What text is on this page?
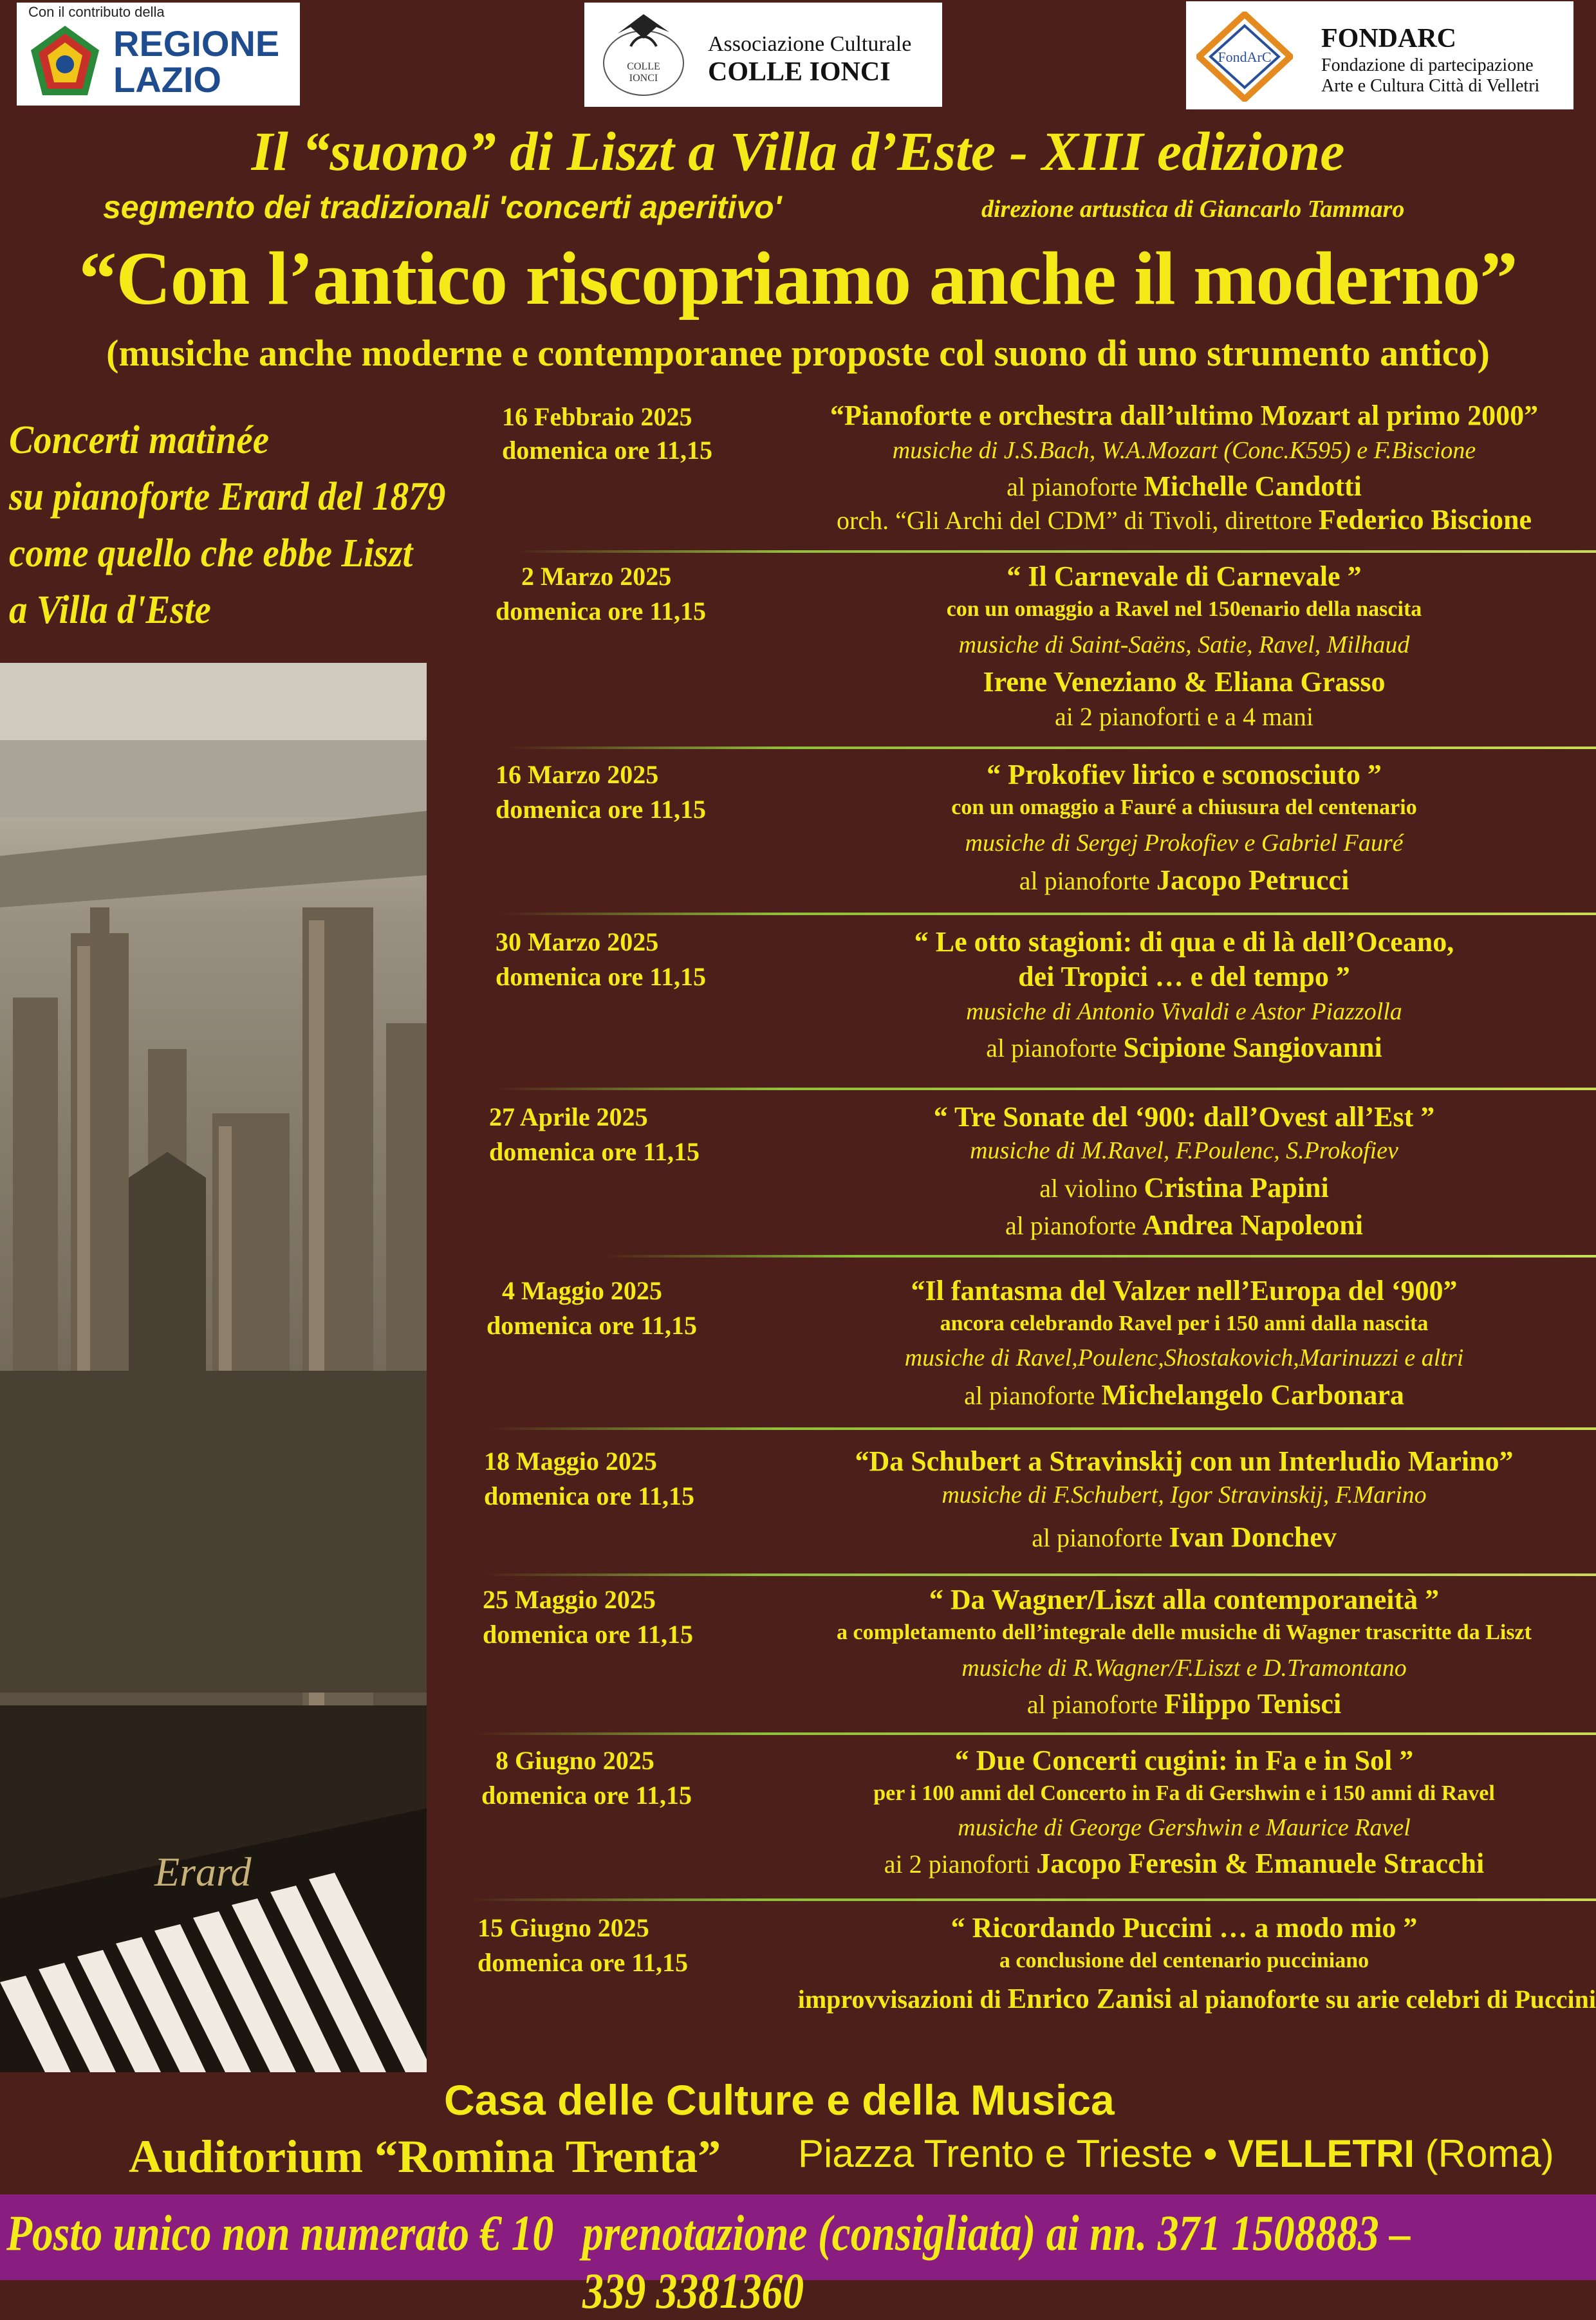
Con il contributo della
REGIONE
LAZIO	COLLE
IONCI
Associazione Culturale
COLLE IONCI
FondArC
FONDARC
Fondazione di partecipazione
Arte e Cultura Città di Velletri
Il “suono” di Liszt a Villa d’Este - XIII edizione
segmento dei tradizionali 'concerti aperitivo'	direzione artustica di Giancarlo Tammaro
“Con l’antico riscopriamo anche il moderno”
(musiche anche moderne e contemporanee proposte col suono di uno strumento antico)
Concerti matinée
su pianoforte Erard del 1879
come quello che ebbe Liszt
a Villa d'Este
Erard
16 Febbraio 2025
domenica ore 11,15
“Pianoforte e orchestra dall’ultimo Mozart al primo 2000”
musiche di J.S.Bach, W.A.Mozart (Conc.K595) e F.Biscione
al pianoforte Michelle Candotti
orch. “Gli Archi del CDM” di Tivoli, direttore Federico Biscione
2 Marzo 2025
domenica ore 11,15
“ Il Carnevale di Carnevale ”
con un omaggio a Ravel nel 150enario della nascita
musiche di Saint-Saëns, Satie, Ravel, Milhaud
Irene Veneziano & Eliana Grasso
ai 2 pianoforti e a 4 mani
16 Marzo 2025
domenica ore 11,15
“ Prokofiev lirico e sconosciuto ”
con un omaggio a Fauré a chiusura del centenario
musiche di Sergej Prokofiev e Gabriel Fauré
al pianoforte Jacopo Petrucci
30 Marzo 2025
domenica ore 11,15
“ Le otto stagioni: di qua e di là dell’Oceano,
dei Tropici … e del tempo ”
musiche di Antonio Vivaldi e Astor Piazzolla
al pianoforte Scipione Sangiovanni
27 Aprile 2025
domenica ore 11,15
“ Tre Sonate del ‘900: dall’Ovest all’Est ”
musiche di M.Ravel, F.Poulenc, S.Prokofiev
al violino Cristina Papini
al pianoforte Andrea Napoleoni
4 Maggio 2025
domenica ore 11,15
“Il fantasma del Valzer nell’Europa del ‘900”
ancora celebrando Ravel per i 150 anni dalla nascita
musiche di Ravel,Poulenc,Shostakovich,Marinuzzi e altri
al pianoforte Michelangelo Carbonara
18 Maggio 2025
domenica ore 11,15
“Da Schubert a Stravinskij con un Interludio Marino”
musiche di F.Schubert, Igor Stravinskij, F.Marino
al pianoforte Ivan Donchev
25 Maggio 2025
domenica ore 11,15
“ Da Wagner/Liszt alla contemporaneità ”
a completamento dell’integrale delle musiche di Wagner trascritte da Liszt
musiche di R.Wagner/F.Liszt e D.Tramontano
al pianoforte Filippo Tenisci
8 Giugno 2025
domenica ore 11,15
“ Due Concerti cugini: in Fa e in Sol ”
per i 100 anni del Concerto in Fa di Gershwin e i 150 anni di Ravel
musiche di George Gershwin e Maurice Ravel
ai 2 pianoforti Jacopo Feresin & Emanuele Stracchi
15 Giugno 2025
domenica ore 11,15
“ Ricordando Puccini … a modo mio ”
a conclusione del centenario pucciniano
improvvisazioni di Enrico Zanisi al pianoforte su arie celebri di Puccini
Casa delle Culture e della Musica
Auditorium “Romina Trenta” Piazza Trento e Trieste • VELLETRI (Roma)
Posto unico non numerato € 10 prenotazione (consigliata) ai nn. 371 1508883 – 339 3381360
